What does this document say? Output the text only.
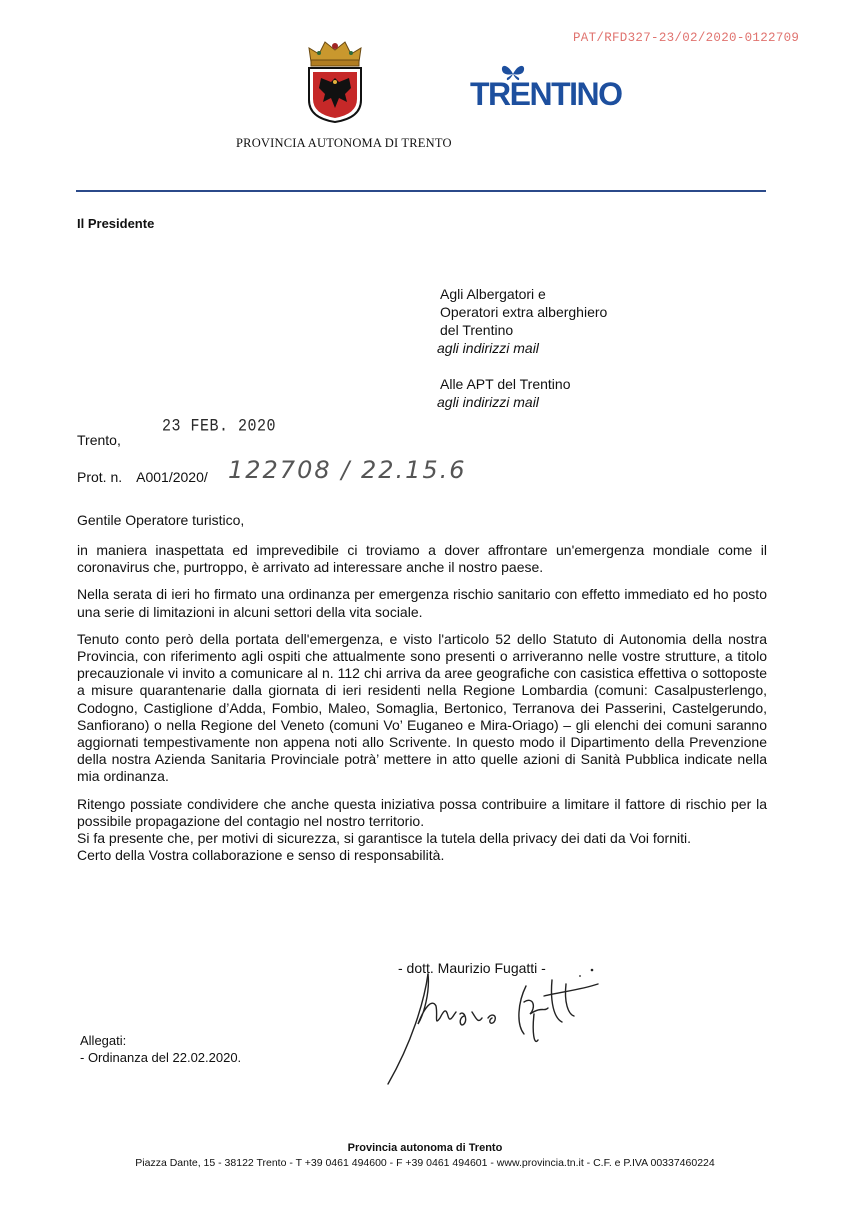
PAT/RFD327-23/02/2020-0122709
PROVINCIA AUTONOMA DI TRENTO
TRENTINO
Il Presidente
Agli Albergatori e
Operatori extra alberghiero
del Trentino
agli indirizzi mail
Alle APT del Trentino
agli indirizzi mail
23 FEB. 2020
Trento,
Prot. n. A001/2020/ 122708 / 22.15.6
Gentile Operatore turistico,

in maniera inaspettata ed imprevedibile ci troviamo a dover affrontare un'emergenza mondiale come il coronavirus che, purtroppo, è arrivato ad interessare anche il nostro paese.

Nella serata di ieri ho firmato una ordinanza per emergenza rischio sanitario con effetto immediato ed ho posto una serie di limitazioni in alcuni settori della vita sociale.

Tenuto conto però della portata dell'emergenza, e visto l'articolo 52 dello Statuto di Autonomia della nostra Provincia, con riferimento agli ospiti che attualmente sono presenti o arriveranno nelle vostre strutture, a titolo precauzionale vi invito a comunicare al n. 112 chi arriva da aree geografiche con casistica effettiva o sottoposte a misure quarantenarie dalla giornata di ieri residenti nella Regione Lombardia (comuni: Casalpusterlengo, Codogno, Castiglione d’Adda, Fombio, Maleo, Somaglia, Bertonico, Terranova dei Passerini, Castelgerundo, Sanfiorano) o nella Regione del Veneto (comuni Vo’ Euganeo e Mira-Oriago) – gli elenchi dei comuni saranno aggiornati tempestivamente non appena noti allo Scrivente. In questo modo il Dipartimento della Prevenzione della nostra Azienda Sanitaria Provinciale potrà’ mettere in atto quelle azioni di Sanità Pubblica indicate nella mia ordinanza.

Ritengo possiate condividere che anche questa iniziativa possa contribuire a limitare il fattore di rischio per la possibile propagazione del contagio nel nostro territorio.

Si fa presente che, per motivi di sicurezza, si garantisce la tutela della privacy dei dati da Voi forniti.

Certo della Vostra collaborazione e senso di responsabilità.

- dott. Maurizio Fugatti -
Allegati:
- Ordinanza del 22.02.2020.
Provincia autonoma di Trento
Piazza Dante, 15 - 38122 Trento - T +39 0461 494600 - F +39 0461 494601 - www.provincia.tn.it - C.F. e P.IVA 00337460224
